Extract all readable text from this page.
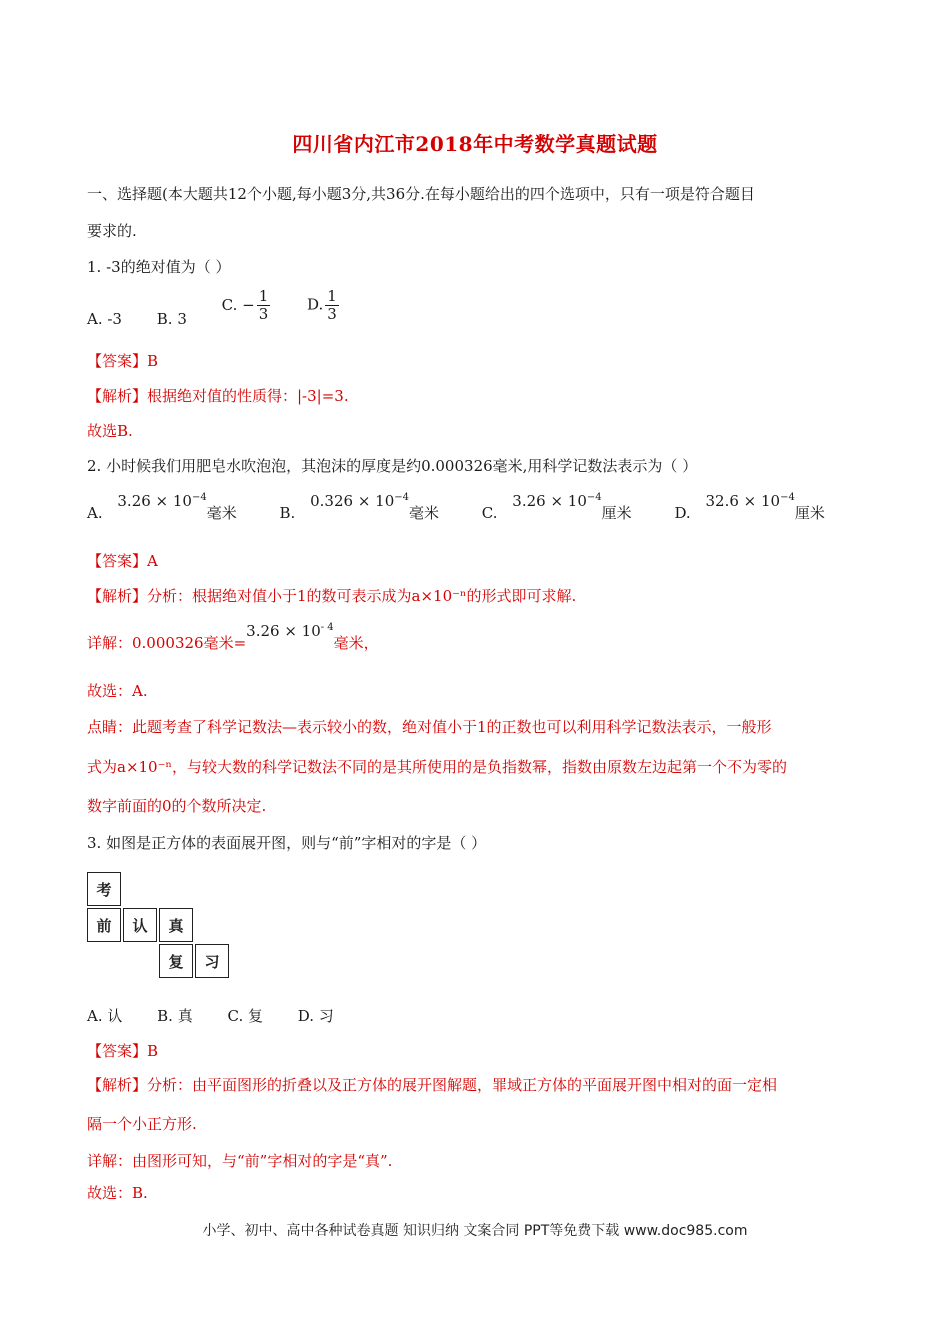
四川省内江市2018年中考数学真题试题
一、选择题(本大题共12个小题,每小题3分,共36分.在每小题给出的四个选项中，只有一项是符合题目
要求的.
1. -3的绝对值为（ ）
A. -3 B. 3 C. − $\frac{1}{3} D$. $\frac{1}{3}$
【答案】B
【解析】根据绝对值的性质得：|-3|=3.
故选B.
2. 小时候我们用肥皂水吹泡泡，其泡沫的厚度是约0.000326毫米,用科学记数法表示为（ ）
A. $3.26 \times 10^{-4}$毫米	B. $0.326 \times 10^{-4}$毫米	C. $3.26 \times 10^{-4}$厘米	D. $32.6 \times 10^{-4}$厘米
【答案】A
【解析】分析：根据绝对值小于1的数可表示成为a×10⁻ⁿ的形式即可求解.
详解：0.000326毫米$=3.26 \times 10^{- 4}$毫米，
故选：A.
点睛：此题考查了科学记数法—表示较小的数，绝对值小于1的正数也可以利用科学记数法表示，一般形
式为a×10⁻ⁿ，与较大数的科学记数法不同的是其所使用的是负指数幂，指数由原数左边起第一个不为零的
数字前面的0的个数所决定.
3. 如图是正方体的表面展开图，则与“前”字相对的字是（ ）
考
前	认	真
复	习
A. 认 B. 真 C. 复 D. 习
【答案】B
【解析】分析：由平面图形的折叠以及正方体的展开图解题，罪域正方体的平面展开图中相对的面一定相
隔一个小正方形.
详解：由图形可知，与“前”字相对的字是“真”.
故选：B.
小学、初中、高中各种试卷真题 知识归纳 文案合同 PPT等免费下载 www.doc985.com
